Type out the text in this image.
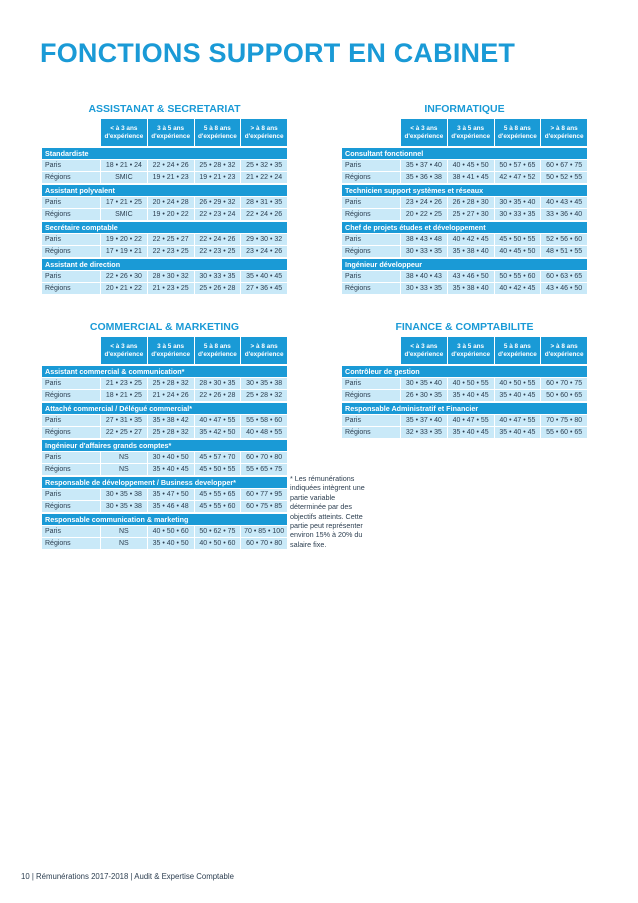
FONCTIONS SUPPORT EN CABINET
ASSISTANAT & SECRETARIAT
< à 3 ans
d'expérience
3 à 5 ans
d'expérience
5 à 8 ans
d'expérience
> à 8 ans
d'expérience
Standardiste
Paris	18 • 21 • 24	22 • 24 • 26	25 • 28 • 32	25 • 32 • 35
Régions	SMIC	19 • 21 • 23	19 • 21 • 23	21 • 22 • 24
Assistant polyvalent
Paris	17 • 21 • 25	20 • 24 • 28	26 • 29 • 32	28 • 31 • 35
Régions	SMIC	19 • 20 • 22	22 • 23 • 24	22 • 24 • 26
Secrétaire comptable
Paris	19 • 20 • 22	22 • 25 • 27	22 • 24 • 26	29 • 30 • 32
Régions	17 • 19 • 21	22 • 23 • 25	22 • 23 • 25	23 • 24 • 26
Assistant de direction
Paris	22 • 26 • 30	28 • 30 • 32	30 • 33 • 35	35 • 40 • 45
Régions	20 • 21 • 22	21 • 23 • 25	25 • 26 • 28	27 • 36 • 45
INFORMATIQUE
< à 3 ans
d'expérience
3 à 5 ans
d'expérience
5 à 8 ans
d'expérience
> à 8 ans
d'expérience
Consultant fonctionnel
Paris	35 • 37 • 40	40 • 45 • 50	50 • 57 • 65	60 • 67 • 75
Régions	35 • 36 • 38	38 • 41 • 45	42 • 47 • 52	50 • 52 • 55
Technicien support systèmes et réseaux
Paris	23 • 24 • 26	26 • 28 • 30	30 • 35 • 40	40 • 43 • 45
Régions	20 • 22 • 25	25 • 27 • 30	30 • 33 • 35	33 • 36 • 40
Chef de projets études et développement
Paris	38 • 43 • 48	40 • 42 • 45	45 • 50 • 55	52 • 56 • 60
Régions	30 • 33 • 35	35 • 38 • 40	40 • 45 • 50	48 • 51 • 55
Ingénieur développeur
Paris	38 • 40 • 43	43 • 46 • 50	50 • 55 • 60	60 • 63 • 65
Régions	30 • 33 • 35	35 • 38 • 40	40 • 42 • 45	43 • 46 • 50
COMMERCIAL & MARKETING
< à 3 ans
d'expérience
3 à 5 ans
d'expérience
5 à 8 ans
d'expérience
> à 8 ans
d'expérience
Assistant commercial & communication*
Paris	21 • 23 • 25	25 • 28 • 32	28 • 30 • 35	30 • 35 • 38
Régions	18 • 21 • 25	21 • 24 • 26	22 • 26 • 28	25 • 28 • 32
Attaché commercial / Délégué commercial*
Paris	27 • 31 • 35	35 • 38 • 42	40 • 47 • 55	55 • 58 • 60
Régions	22 • 25 • 27	25 • 28 • 32	35 • 42 • 50	40 • 48 • 55
Ingénieur d'affaires grands comptes*
Paris	NS	30 • 40 • 50	45 • 57 • 70	60 • 70 • 80
Régions	NS	35 • 40 • 45	45 • 50 • 55	55 • 65 • 75
Responsable de développement / Business developper*
Paris	30 • 35 • 38	35 • 47 • 50	45 • 55 • 65	60 • 77 • 95
Régions	30 • 35 • 38	35 • 46 • 48	45 • 55 • 60	60 • 75 • 85
Responsable communication & marketing
Paris	NS	40 • 50 • 60	50 • 62 • 75	70 • 85 • 100
Régions	NS	35 • 40 • 50	40 • 50 • 60	60 • 70 • 80
FINANCE & COMPTABILITE
< à 3 ans
d'expérience
3 à 5 ans
d'expérience
5 à 8 ans
d'expérience
> à 8 ans
d'expérience
Contrôleur de gestion
Paris	30 • 35 • 40	40 • 50 • 55	40 • 50 • 55	60 • 70 • 75
Régions	26 • 30 • 35	35 • 40 • 45	35 • 40 • 45	50 • 60 • 65
Responsable Administratif et Financier
Paris	35 • 37 • 40	40 • 47 • 55	40 • 47 • 55	70 • 75 • 80
Régions	32 • 33 • 35	35 • 40 • 45	35 • 40 • 45	55 • 60 • 65
* Les rémunérations indiquées intègrent une partie variable déterminée par des objectifs atteints. Cette partie peut représenter environ 15% à 20% du salaire fixe.
10 | Rémunérations 2017-2018 | Audit & Expertise Comptable
